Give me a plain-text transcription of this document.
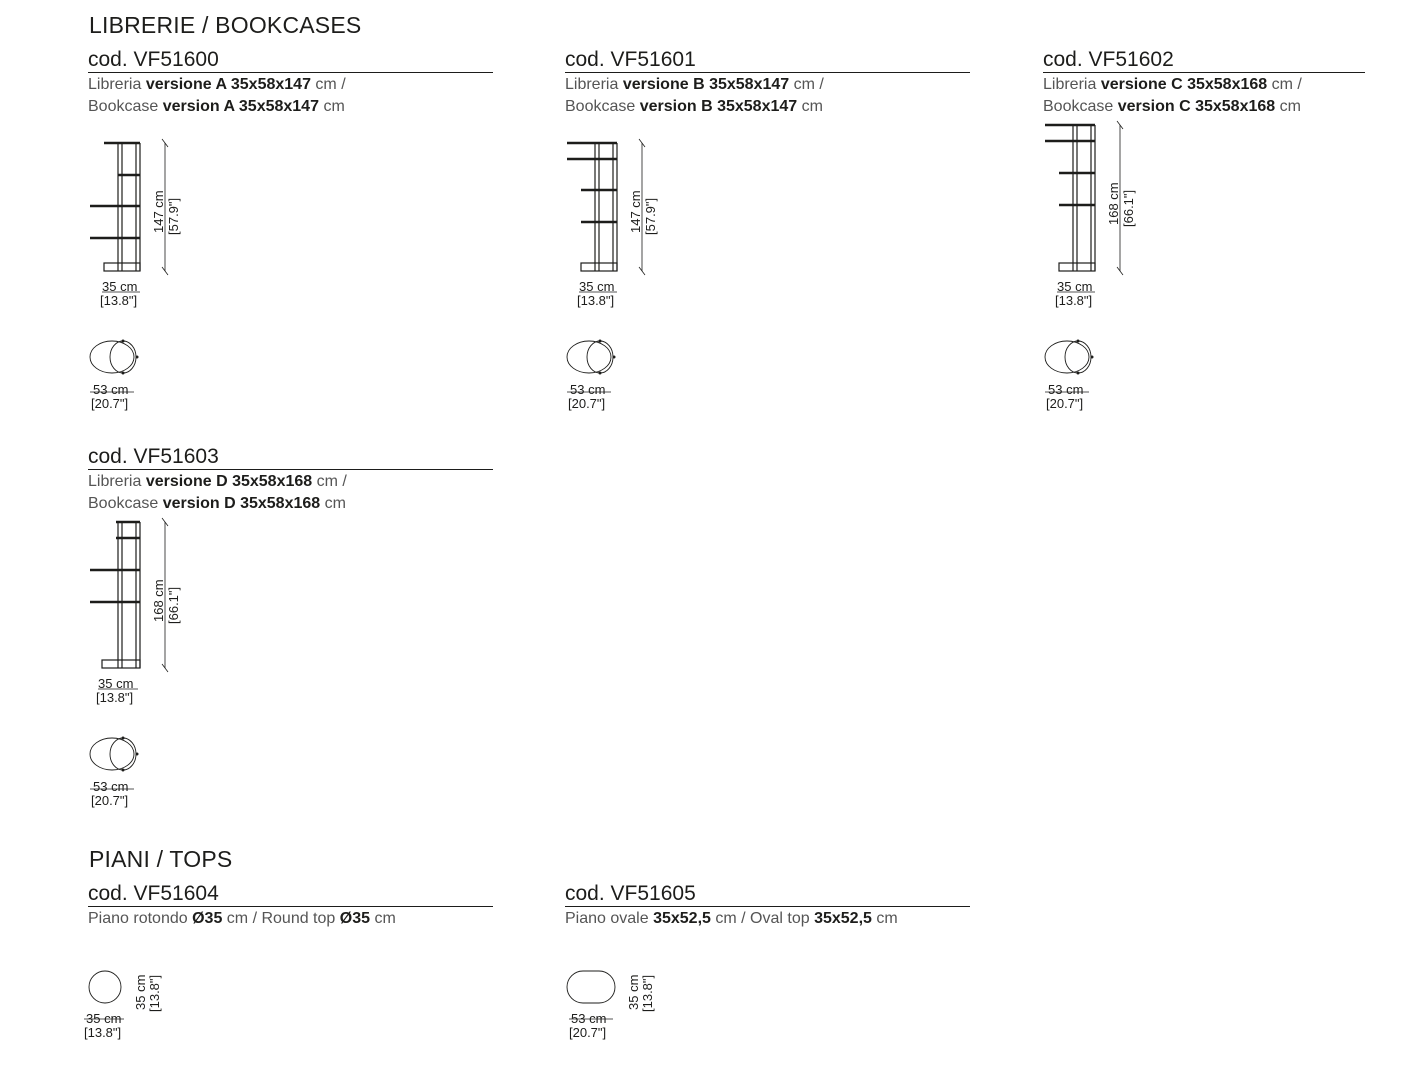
LIBRERIE / BOOKCASES
cod. VF51600
Libreria versione A 35x58x147 cm /
Bookcase version A 35x58x147 cm
147 cm [57.9"]
35 cm
[13.8"]
53 cm
[20.7"]
cod. VF51601
Libreria versione B 35x58x147 cm /
Bookcase version B 35x58x147 cm
147 cm [57.9"]
35 cm
[13.8"]
53 cm
[20.7"]
cod. VF51602
Libreria versione C 35x58x168 cm /
Bookcase version C 35x58x168 cm
168 cm [66.1"]
35 cm
[13.8"]
53 cm
[20.7"]
cod. VF51603
Libreria versione D 35x58x168 cm /
Bookcase version D 35x58x168 cm
168 cm [66.1"]
35 cm
[13.8"]
53 cm
[20.7"]
PIANI / TOPS
cod. VF51604
Piano rotondo Ø35 cm / Round top Ø35 cm
35 cm [13.8"]
35 cm
[13.8"]
cod. VF51605
Piano ovale 35x52,5 cm / Oval top 35x52,5 cm
35 cm [13.8"]
53 cm
[20.7"]
